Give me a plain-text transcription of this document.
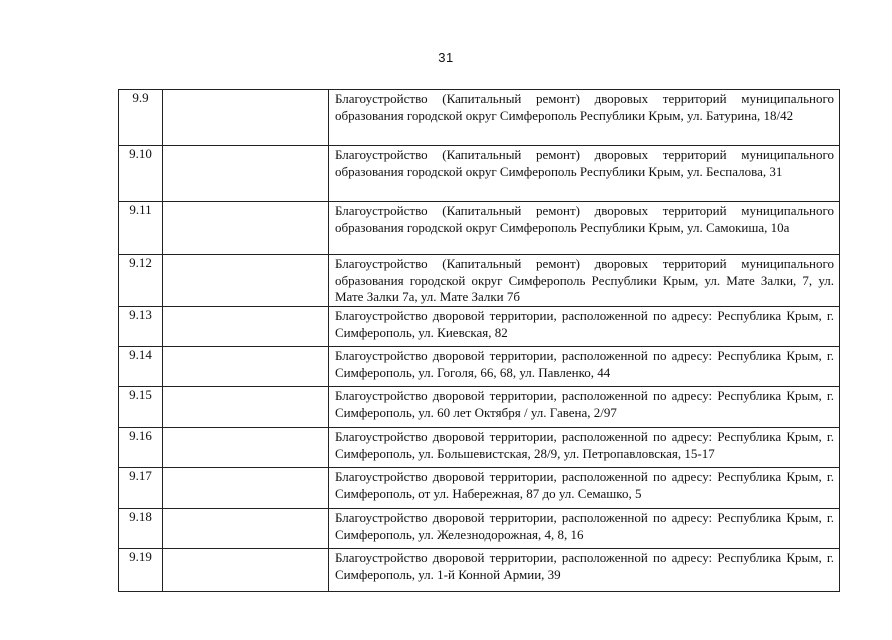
31
9.9		Благоустройство (Капитальный ремонт) дворовых территорий муниципального образования городской округ Симферополь Республики Крым, ул. Батурина, 18/42
9.10		Благоустройство (Капитальный ремонт) дворовых территорий муниципального образования городской округ Симферополь Республики Крым, ул. Беспалова, 31
9.11		Благоустройство (Капитальный ремонт) дворовых территорий муниципального образования городской округ Симферополь Республики Крым, ул. Самокиша, 10а
9.12		Благоустройство (Капитальный ремонт) дворовых территорий муниципального образования городской округ Симферополь Республики Крым, ул. Мате Залки, 7, ул. Мате Залки 7а, ул. Мате Залки 7б
9.13		Благоустройство дворовой территории, расположенной по адресу: Республика Крым, г. Симферополь, ул. Киевская, 82
9.14		Благоустройство дворовой территории, расположенной по адресу: Республика Крым, г. Симферополь, ул. Гоголя, 66, 68, ул. Павленко, 44
9.15		Благоустройство дворовой территории, расположенной по адресу: Республика Крым, г. Симферополь, ул. 60 лет Октября / ул. Гавена, 2/97
9.16		Благоустройство дворовой территории, расположенной по адресу: Республика Крым, г. Симферополь, ул. Большевистская, 28/9, ул. Петропавловская, 15-17
9.17		Благоустройство дворовой территории, расположенной по адресу: Республика Крым, г. Симферополь, от ул. Набережная, 87 до ул. Семашко, 5
9.18		Благоустройство дворовой территории, расположенной по адресу: Республика Крым, г. Симферополь, ул. Железнодорожная, 4, 8, 16
9.19		Благоустройство дворовой территории, расположенной по адресу: Республика Крым, г. Симферополь, ул. 1-й Конной Армии, 39
